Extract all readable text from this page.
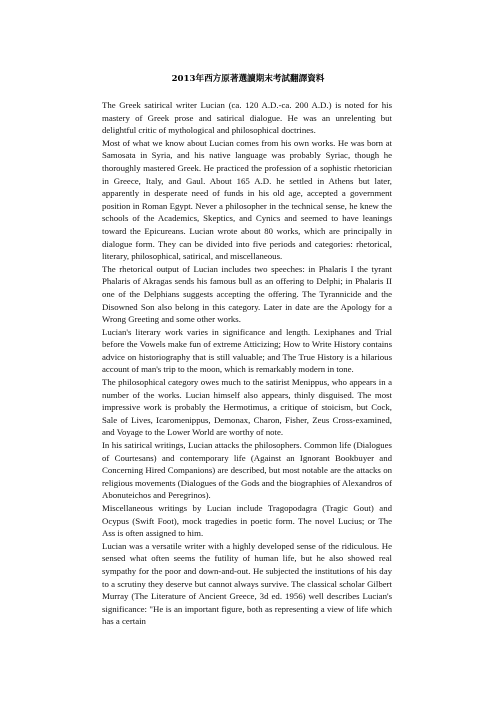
2013年西方原著選讀期末考試翻譯資料

The Greek satirical writer Lucian (ca. 120 A.D.-ca. 200 A.D.) is noted for his mastery of Greek prose and satirical dialogue. He was an unrelenting but delightful critic of mythological and philosophical doctrines.

Most of what we know about Lucian comes from his own works. He was born at Samosata in Syria, and his native language was probably Syriac, though he thoroughly mastered Greek. He practiced the profession of a sophistic rhetorician in Greece, Italy, and Gaul. About 165 A.D. he settled in Athens but later, apparently in desperate need of funds in his old age, accepted a government position in Roman Egypt. Never a philosopher in the technical sense, he knew the schools of the Academics, Skeptics, and Cynics and seemed to have leanings toward the Epicureans. Lucian wrote about 80 works, which are principally in dialogue form. They can be divided into five periods and categories: rhetorical, literary, philosophical, satirical, and miscellaneous.

The rhetorical output of Lucian includes two speeches: in Phalaris I the tyrant Phalaris of Akragas sends his famous bull as an offering to Delphi; in Phalaris II one of the Delphians suggests accepting the offering. The Tyrannicide and the Disowned Son also belong in this category. Later in date are the Apology for a Wrong Greeting and some other works.

Lucian's literary work varies in significance and length. Lexiphanes and Trial before the Vowels make fun of extreme Atticizing; How to Write History contains advice on historiography that is still valuable; and The True History is a hilarious account of man's trip to the moon, which is remarkably modern in tone.

The philosophical category owes much to the satirist Menippus, who appears in a number of the works. Lucian himself also appears, thinly disguised. The most impressive work is probably the Hermotimus, a critique of stoicism, but Cock, Sale of Lives, Icaromenippus, Demonax, Charon, Fisher, Zeus Cross-examined, and Voyage to the Lower World are worthy of note.

In his satirical writings, Lucian attacks the philosophers. Common life (Dialogues of Courtesans) and contemporary life (Against an Ignorant Bookbuyer and Concerning Hired Companions) are described, but most notable are the attacks on religious movements (Dialogues of the Gods and the biographies of Alexandros of Abonuteichos and Peregrinos).

Miscellaneous writings by Lucian include Tragopodagra (Tragic Gout) and Ocypus (Swift Foot), mock tragedies in poetic form. The novel Lucius; or The Ass is often assigned to him.

Lucian was a versatile writer with a highly developed sense of the ridiculous. He sensed what often seems the futility of human life, but he also showed real sympathy for the poor and down-and-out. He subjected the institutions of his day to a scrutiny they deserve but cannot always survive. The classical scholar Gilbert Murray (The Literature of Ancient Greece, 3d ed. 1956) well describes Lucian's significance: "He is an important figure, both as representing a view of life which has a certain
